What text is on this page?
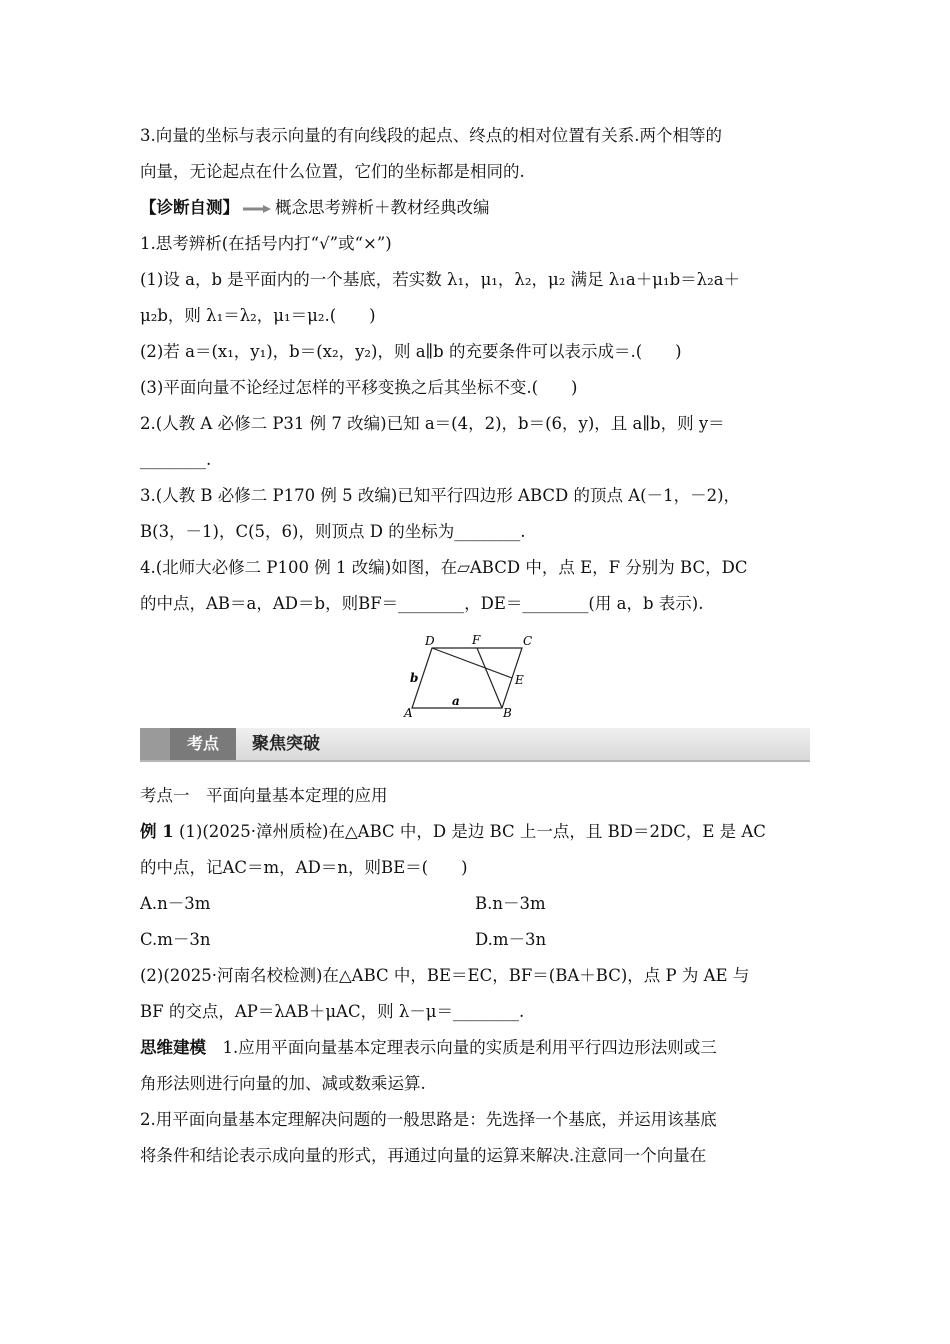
3.向量的坐标与表示向量的有向线段的起点、终点的相对位置有关系.两个相等的
向量，无论起点在什么位置，它们的坐标都是相同的.
【诊断自测】 概念思考辨析＋教材经典改编
1.思考辨析(在括号内打“√”或“×”)
(1)设 a，b 是平面内的一个基底，若实数 λ₁，μ₁，λ₂，μ₂ 满足 λ₁a＋μ₁b＝λ₂a＋
μ₂b，则 λ₁＝λ₂，μ₁＝μ₂.(　　)
(2)若 a＝(x₁，y₁)，b＝(x₂，y₂)，则 a∥b 的充要条件可以表示成＝.(　　)
(3)平面向量不论经过怎样的平移变换之后其坐标不变.(　　)
2.(人教 A 必修二 P31 例 7 改编)已知 a＝(4，2)，b＝(6，y)，且 a∥b，则 y＝
________.
3.(人教 B 必修二 P170 例 5 改编)已知平行四边形 ABCD 的顶点 A(－1，－2)，
B(3，－1)，C(5，6)，则顶点 D 的坐标为________.
4.(北师大必修二 P100 例 1 改编)如图，在▱ABCD 中，点 E，F 分别为 BC，DC
的中点，AB＝a，AD＝b，则BF＝________，DE＝________(用 a，b 表示).
A	B
C
D
E
F
a
b
考点	聚焦突破
考点一　平面向量基本定理的应用
例 1 (1)(2025·漳州质检)在△ABC 中，D 是边 BC 上一点，且 BD＝2DC，E 是 AC
的中点，记AC＝m，AD＝n，则BE＝(　　)
A.n－3m	B.n－3m
C.m－3n	D.m－3n
(2)(2025·河南名校检测)在△ABC 中，BE＝EC，BF＝(BA＋BC)，点 P 为 AE 与
BF 的交点，AP＝λAB＋μAC，则 λ－μ＝________.
思维建模　1.应用平面向量基本定理表示向量的实质是利用平行四边形法则或三
角形法则进行向量的加、减或数乘运算.
2.用平面向量基本定理解决问题的一般思路是：先选择一个基底，并运用该基底
将条件和结论表示成向量的形式，再通过向量的运算来解决.注意同一个向量在
